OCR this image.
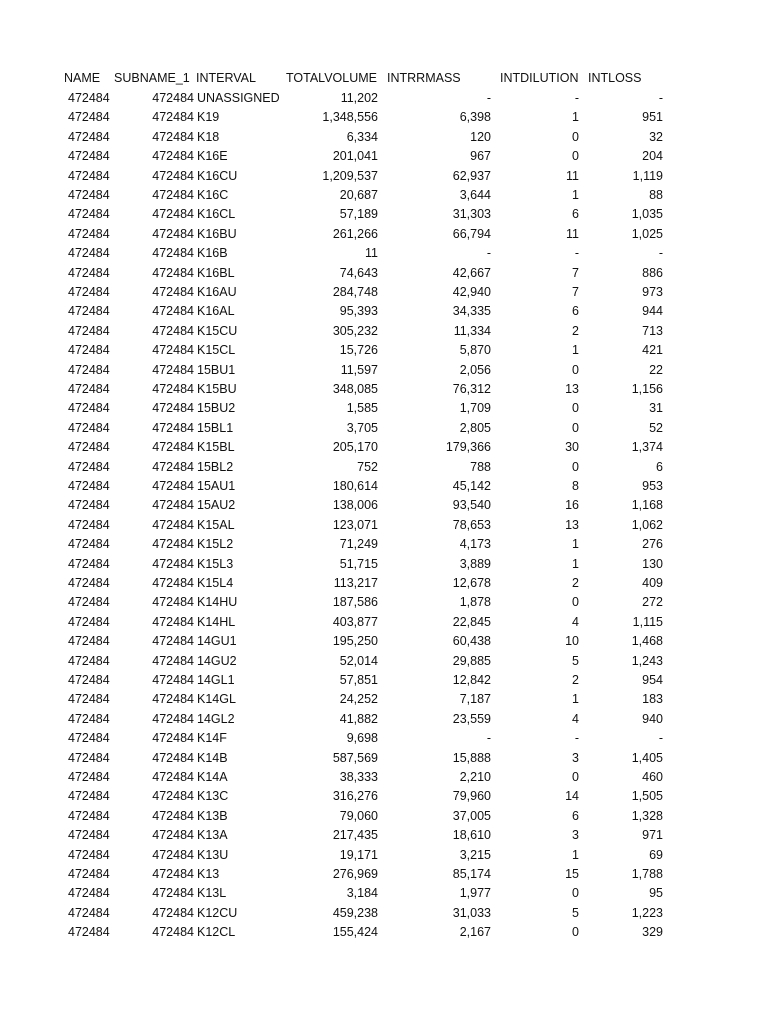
NAME SUBNAME_1 INTERVAL TOTALVOLUME INTRRMASS	INTDILUTION INTLOSS
472484	472484 UNASSIGNED	11,202	-	-	-
472484	472484 K19	1,348,556	6,398	1	951
472484	472484 K18	6,334	120	0	32
472484	472484 K16E	201,041	967	0	204
472484	472484 K16CU	1,209,537	62,937	11	1,119
472484	472484 K16C	20,687	3,644	1	88
472484	472484 K16CL	57,189	31,303	6	1,035
472484	472484 K16BU	261,266	66,794	11	1,025
472484	472484 K16B	11	-	-	-
472484	472484 K16BL	74,643	42,667	7	886
472484	472484 K16AU	284,748	42,940	7	973
472484	472484 K16AL	95,393	34,335	6	944
472484	472484 K15CU	305,232	11,334	2	713
472484	472484 K15CL	15,726	5,870	1	421
472484	472484 15BU1	11,597	2,056	0	22
472484	472484 K15BU	348,085	76,312	13	1,156
472484	472484 15BU2	1,585	1,709	0	31
472484	472484 15BL1	3,705	2,805	0	52
472484	472484 K15BL	205,170	179,366	30	1,374
472484	472484 15BL2	752	788	0	6
472484	472484 15AU1	180,614	45,142	8	953
472484	472484 15AU2	138,006	93,540	16	1,168
472484	472484 K15AL	123,071	78,653	13	1,062
472484	472484 K15L2	71,249	4,173	1	276
472484	472484 K15L3	51,715	3,889	1	130
472484	472484 K15L4	113,217	12,678	2	409
472484	472484 K14HU	187,586	1,878	0	272
472484	472484 K14HL	403,877	22,845	4	1,115
472484	472484 14GU1	195,250	60,438	10	1,468
472484	472484 14GU2	52,014	29,885	5	1,243
472484	472484 14GL1	57,851	12,842	2	954
472484	472484 K14GL	24,252	7,187	1	183
472484	472484 14GL2	41,882	23,559	4	940
472484	472484 K14F	9,698	-	-	-
472484	472484 K14B	587,569	15,888	3	1,405
472484	472484 K14A	38,333	2,210	0	460
472484	472484 K13C	316,276	79,960	14	1,505
472484	472484 K13B	79,060	37,005	6	1,328
472484	472484 K13A	217,435	18,610	3	971
472484	472484 K13U	19,171	3,215	1	69
472484	472484 K13	276,969	85,174	15	1,788
472484	472484 K13L	3,184	1,977	0	95
472484	472484 K12CU	459,238	31,033	5	1,223
472484	472484 K12CL	155,424	2,167	0	329
